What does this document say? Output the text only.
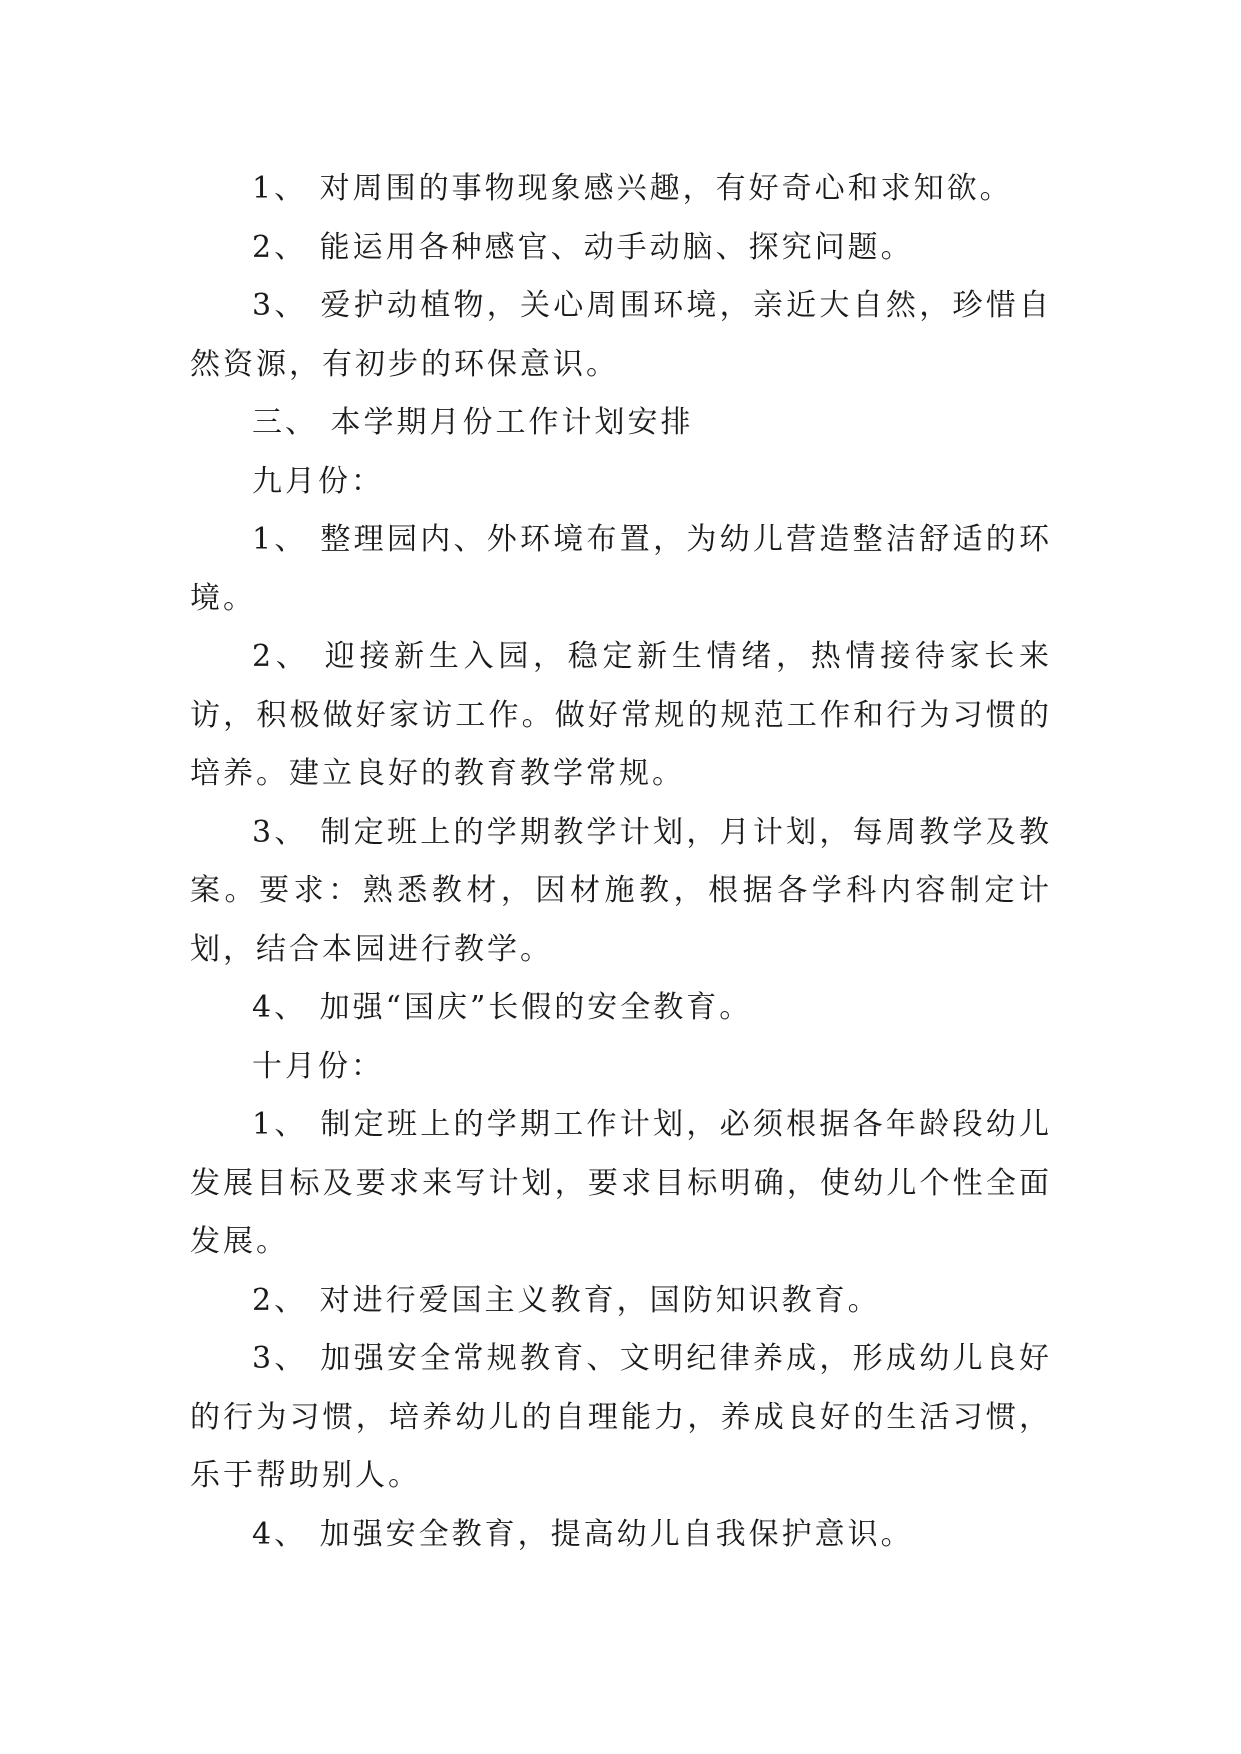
1、 对周围的事物现象感兴趣，有好奇心和求知欲。

2、 能运用各种感官、动手动脑、探究问题。

3、 爱护动植物，关心周围环境，亲近大自然，珍惜自然资源，有初步的环保意识。

三、 本学期月份工作计划安排

九月份：

1、 整理园内、外环境布置，为幼儿营造整洁舒适的环境。

2、 迎接新生入园，稳定新生情绪，热情接待家长来访，积极做好家访工作。做好常规的规范工作和行为习惯的培养。建立良好的教育教学常规。

3、 制定班上的学期教学计划，月计划，每周教学及教案。要求：熟悉教材，因材施教，根据各学科内容制定计划，结合本园进行教学。

4、 加强“国庆”长假的安全教育。

十月份：

1、 制定班上的学期工作计划，必须根据各年龄段幼儿发展目标及要求来写计划，要求目标明确，使幼儿个性全面发展。

2、 对进行爱国主义教育，国防知识教育。

3、 加强安全常规教育、文明纪律养成，形成幼儿良好的行为习惯，培养幼儿的自理能力，养成良好的生活习惯，乐于帮助别人。

4、 加强安全教育，提高幼儿自我保护意识。
